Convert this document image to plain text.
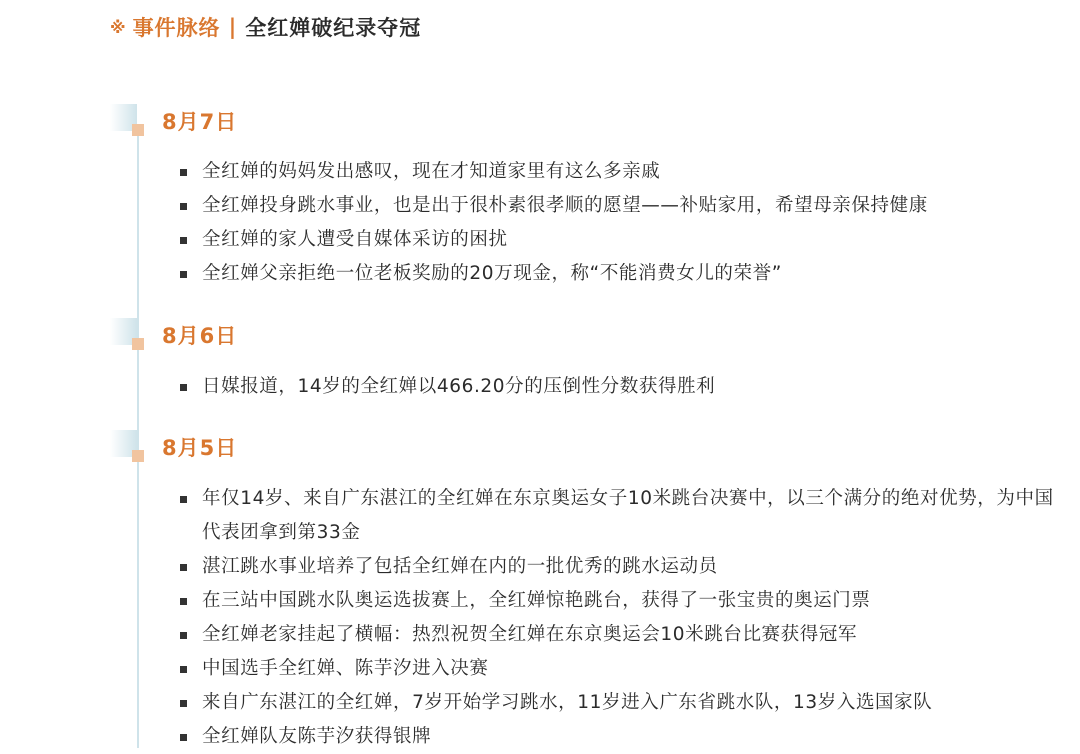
※ 事件脉络 | 全红婵破纪录夺冠
8月7日
全红婵的妈妈发出感叹，现在才知道家里有这么多亲戚
全红婵投身跳水事业，也是出于很朴素很孝顺的愿望——补贴家用，希望母亲保持健康
全红婵的家人遭受自媒体采访的困扰
全红婵父亲拒绝一位老板奖励的20万现金，称“不能消费女儿的荣誉”
8月6日
日媒报道，14岁的全红婵以466.20分的压倒性分数获得胜利
8月5日
年仅14岁、来自广东湛江的全红婵在东京奥运女子10米跳台决赛中，以三个满分的绝对优势，为中国代表团拿到第33金
湛江跳水事业培养了包括全红婵在内的一批优秀的跳水运动员
在三站中国跳水队奥运选拔赛上，全红婵惊艳跳台，获得了一张宝贵的奥运门票
全红婵老家挂起了横幅：热烈祝贺全红婵在东京奥运会10米跳台比赛获得冠军
中国选手全红婵、陈芋汐进入决赛
来自广东湛江的全红婵，7岁开始学习跳水，11岁进入广东省跳水队，13岁入选国家队
全红婵队友陈芋汐获得银牌
